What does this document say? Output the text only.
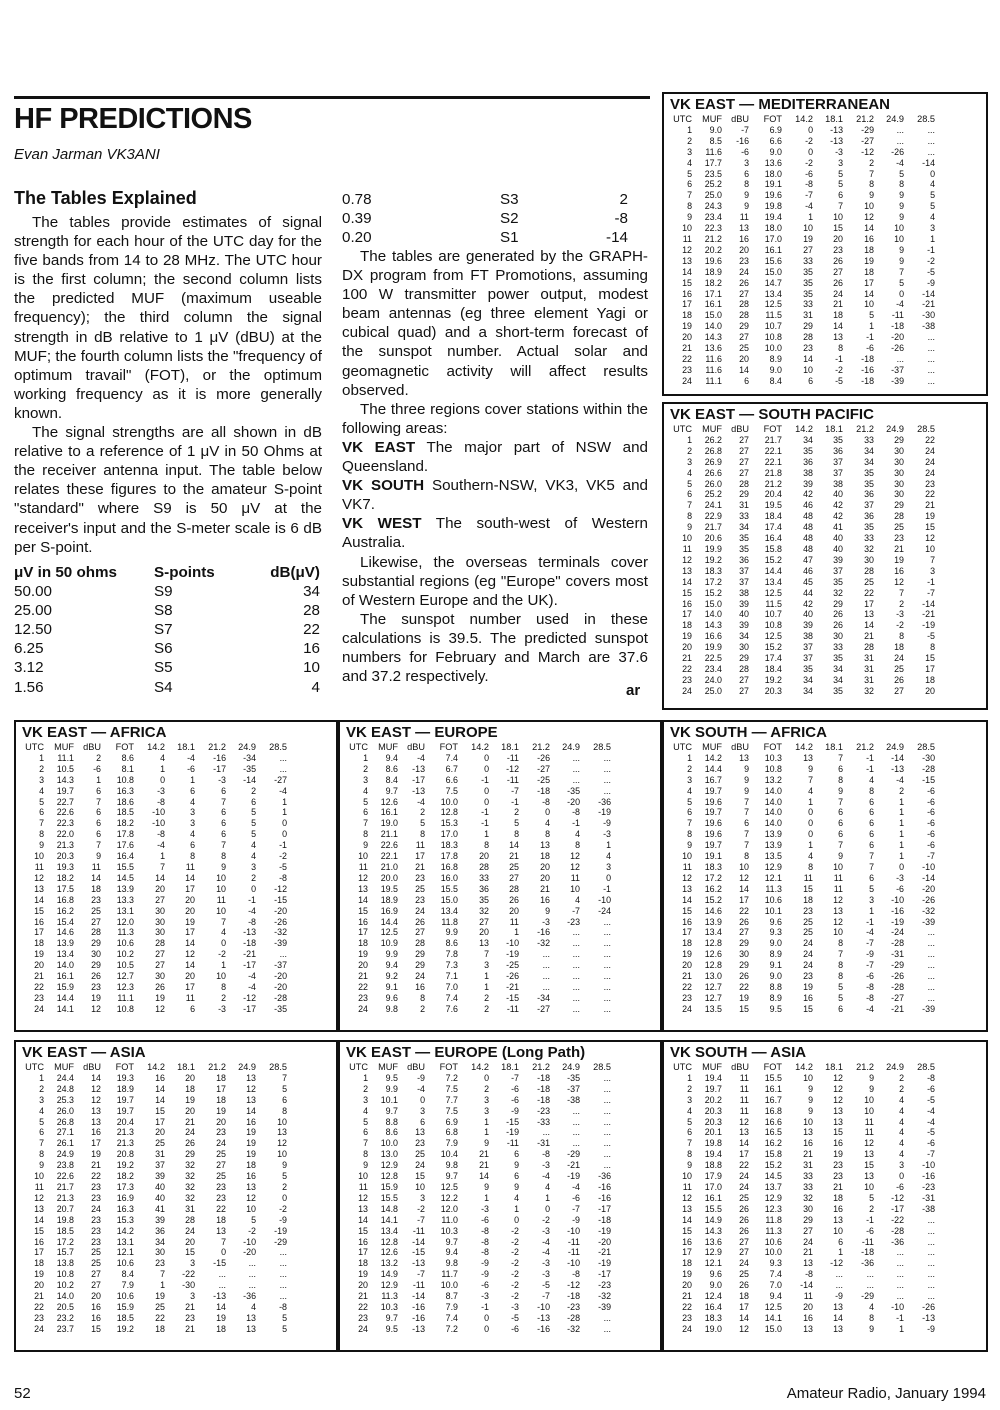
HF PREDICTIONS
Evan Jarman VK3ANI
The Tables Explained

The tables provide estimates of signal strength for each hour of the UTC day for the five bands from 14 to 28 MHz. The UTC hour is the first column; the second column lists the predicted MUF (maximum useable frequency); the third column the signal strength in dB relative to 1 μV (dBU) at the MUF; the fourth column lists the "frequency of optimum travail" (FOT), or the optimum working frequency as it is more generally known.

The signal strengths are all shown in dB relative to a reference of 1 μV in 50 Ohms at the receiver antenna input. The table below relates these figures to the amateur S-point "standard" where S9 is 50 μV at the receiver's input and the S-meter scale is 6 dB per S-point.

μV in 50 ohms	S-points	dB(μV)
50.00	S9	34
25.00	S8	28
12.50	S7	22
6.25	S6	16
3.12	S5	10
1.56	S4	4
0.78	S3	2
0.39	S2	-8
0.20	S1	-14

The tables are generated by the GRAPH-DX program from FT Promotions, assuming 100 W transmitter power output, modest beam antennas (eg three element Yagi or cubical quad) and a short-term forecast of the sunspot number. Actual solar and geomagnetic activity will affect results observed.

The three regions cover stations within the following areas:

VK EAST The major part of NSW and Queensland.

VK SOUTH Southern-NSW, VK3, VK5 and VK7.

VK WEST The south-west of Western Australia.

Likewise, the overseas terminals cover substantial regions (eg "Europe" covers most of Western Europe and the UK).

The sunspot number used in these calculations is 39.5. The predicted sunspot numbers for February and March are 37.6 and 37.2 respectively.

ar
VK EAST — MEDITERRANEAN
UTC	MUF	dBU	FOT	14.2	18.1	21.2	24.9	28.5
1	9.0	-7	6.9	0	-13	-29	...	...
2	8.5	-16	6.6	-2	-13	-27	...	...
3	11.6	-6	9.0	0	-3	-12	-26	...
4	17.7	3	13.6	-2	3	2	-4	-14
5	23.5	6	18.0	-6	5	7	5	0
6	25.2	8	19.1	-8	5	8	8	4
7	25.0	9	19.6	-7	6	9	9	5
8	24.3	9	19.8	-4	7	10	9	5
9	23.4	11	19.4	1	10	12	9	4
10	22.3	13	18.0	10	15	14	10	3
11	21.2	16	17.0	19	20	16	10	1
12	20.2	20	16.1	27	23	18	9	-1
13	19.6	23	15.6	33	26	19	9	-2
14	18.9	24	15.0	35	27	18	7	-5
15	18.2	26	14.7	35	26	17	5	-9
16	17.1	27	13.4	35	24	14	0	-14
17	16.1	28	12.5	33	21	10	-4	-21
18	15.0	28	11.5	31	18	5	-11	-30
19	14.0	29	10.7	29	14	1	-18	-38
20	14.3	27	10.8	28	13	-1	-20	...
21	13.6	25	10.0	23	8	-6	-26	...
22	11.6	20	8.9	14	-1	-18	...	...
23	11.6	14	9.0	10	-2	-16	-37	...
24	11.1	6	8.4	6	-5	-18	-39	...
VK EAST — SOUTH PACIFIC
UTC	MUF	dBU	FOT	14.2	18.1	21.2	24.9	28.5
1	26.2	27	21.7	34	35	33	29	22
2	26.8	27	22.1	35	36	34	30	24
3	26.9	27	22.1	36	37	34	30	24
4	26.6	27	21.8	38	37	35	30	24
5	26.0	28	21.2	39	38	35	30	23
6	25.2	29	20.4	42	40	36	30	22
7	24.1	31	19.5	46	42	37	29	21
8	22.9	33	18.4	48	42	36	28	19
9	21.7	34	17.4	48	41	35	25	15
10	20.6	35	16.4	48	40	33	23	12
11	19.9	35	15.8	48	40	32	21	10
12	19.2	36	15.2	47	39	30	19	7
13	18.3	37	14.4	46	37	28	16	3
14	17.2	37	13.4	45	35	25	12	-1
15	15.2	38	12.5	44	32	22	7	-7
16	15.0	39	11.5	42	29	17	2	-14
17	14.0	40	10.7	40	26	13	-3	-21
18	14.3	39	10.8	39	26	14	-2	-19
19	16.6	34	12.5	38	30	21	8	-5
20	19.9	30	15.2	37	33	28	18	8
21	22.5	29	17.4	37	35	31	24	15
22	23.4	28	18.4	35	34	31	25	17
23	24.0	27	19.2	34	34	31	26	18
24	25.0	27	20.3	34	35	32	27	20
VK EAST — AFRICA
UTC	MUF	dBU	FOT	14.2	18.1	21.2	24.9	28.5
1	11.1	2	8.6	4	-4	-16	-34	...
2	10.5	-6	8.1	1	-6	-17	-35	...
3	14.3	1	10.8	0	1	-3	-14	-27
4	19.7	6	16.3	-3	6	6	2	-4
5	22.7	7	18.6	-8	4	7	6	1
6	22.6	6	18.5	-10	3	6	5	1
7	22.3	6	18.2	-10	3	6	5	0
8	22.0	6	17.8	-8	4	6	5	0
9	21.3	7	17.6	-4	6	7	4	-1
10	20.3	9	16.4	1	8	8	4	-2
11	19.3	11	15.5	7	11	9	3	-5
12	18.2	14	14.5	14	14	10	2	-8
13	17.5	18	13.9	20	17	10	0	-12
14	16.8	23	13.3	27	20	11	-1	-15
15	16.2	25	13.1	30	20	10	-4	-20
16	15.4	27	12.0	30	19	7	-8	-26
17	14.6	28	11.3	30	17	4	-13	-32
18	13.9	29	10.6	28	14	0	-18	-39
19	13.4	30	10.2	27	12	-2	-21	...
20	14.0	29	10.5	27	14	1	-17	-37
21	16.1	26	12.7	30	20	10	-4	-20
22	15.9	23	12.3	26	17	8	-4	-20
23	14.4	19	11.1	19	11	2	-12	-28
24	14.1	12	10.8	12	6	-3	-17	-35
VK EAST — EUROPE
UTC	MUF	dBU	FOT	14.2	18.1	21.2	24.9	28.5
1	9.4	-4	7.4	0	-11	-26	...	...
2	8.6	-13	6.7	0	-12	-27	...	...
3	8.4	-17	6.6	-1	-11	-25	...	...
4	9.7	-13	7.5	0	-7	-18	-35	...
5	12.6	-4	10.0	0	-1	-8	-20	-36
6	16.1	2	12.8	-1	2	0	-8	-19
7	19.0	5	15.3	-1	5	4	-1	-9
8	21.1	8	17.0	1	8	8	4	-3
9	22.6	11	18.3	8	14	13	8	1
10	22.1	17	17.8	20	21	18	12	4
11	21.0	21	16.8	28	25	20	12	3
12	20.0	23	16.0	33	27	20	11	0
13	19.5	25	15.5	36	28	21	10	-1
14	18.9	23	15.0	35	26	16	4	-10
15	16.9	24	13.4	32	20	9	-7	-24
16	14.4	26	11.8	27	11	-3	-23	...
17	12.5	27	9.9	20	1	-16	...	...
18	10.9	28	8.6	13	-10	-32	...	...
19	9.9	29	7.8	7	-19	...	...	...
20	9.4	29	7.3	3	-25	...	...	...
21	9.2	24	7.1	1	-26	...	...	...
22	9.1	16	7.0	1	-21	...	...	...
23	9.6	8	7.4	2	-15	-34	...	...
24	9.8	2	7.6	2	-11	-27	...	...
VK SOUTH — AFRICA
UTC	MUF	dBU	FOT	14.2	18.1	21.2	24.9	28.5
1	14.2	13	10.3	13	7	-1	-14	-30
2	14.4	9	10.8	9	6	-1	-13	-28
3	16.7	9	13.2	7	8	4	-4	-15
4	19.7	9	14.0	4	9	8	2	-6
5	19.6	7	14.0	1	7	6	1	-6
6	19.7	7	14.0	0	6	6	1	-6
7	19.6	6	14.0	0	6	6	1	-6
8	19.6	7	13.9	0	6	6	1	-6
9	19.7	7	13.9	1	7	6	1	-6
10	19.1	8	13.5	4	9	7	1	-7
11	18.3	10	12.9	8	10	7	0	-10
12	17.2	12	12.1	11	11	6	-3	-14
13	16.2	14	11.3	15	11	5	-6	-20
14	15.2	17	10.6	18	12	3	-10	-26
15	14.6	22	10.1	23	13	1	-16	-32
16	13.9	26	9.6	25	12	-1	-19	-39
17	13.4	27	9.3	25	10	-4	-24	...
18	12.8	29	9.0	24	8	-7	-28	...
19	12.6	30	8.9	24	7	-9	-31	...
20	12.8	29	9.1	24	8	-7	-29	...
21	13.0	26	9.0	23	8	-6	-26	...
22	12.7	22	8.8	19	5	-8	-28	...
23	12.7	19	8.9	16	5	-8	-27	...
24	13.5	15	9.5	15	6	-4	-21	-39
VK EAST — ASIA
UTC	MUF	dBU	FOT	14.2	18.1	21.2	24.9	28.5
1	24.4	14	19.3	16	20	18	13	7
2	24.8	12	18.9	14	18	17	12	5
3	25.3	12	19.7	14	19	18	13	6
4	26.0	13	19.7	15	20	19	14	8
5	26.8	13	20.4	17	21	20	16	10
6	27.1	16	21.3	20	24	23	19	13
7	26.1	17	21.3	25	26	24	19	12
8	24.9	19	20.8	31	29	25	19	10
9	23.8	21	19.2	37	32	27	18	9
10	22.6	22	18.2	39	32	25	16	5
11	21.7	23	17.3	40	32	23	13	2
12	21.3	23	16.9	40	32	23	12	0
13	20.7	24	16.3	41	31	22	10	-2
14	19.8	23	15.3	39	28	18	5	-9
15	18.5	23	14.2	36	24	13	-2	-19
16	17.2	23	13.1	34	20	7	-10	-29
17	15.7	25	12.1	30	15	0	-20	...
18	13.8	25	10.6	23	3	-15	...	...
19	10.8	27	8.4	7	-22	...	...	...
20	10.2	27	7.9	1	-30	...	...	...
21	14.0	20	10.6	19	3	-13	-36	...
22	20.5	16	15.9	25	21	14	4	-8
23	23.2	16	18.5	22	23	19	13	5
24	23.7	15	19.2	18	21	18	13	5
VK EAST — EUROPE (Long Path)
UTC	MUF	dBU	FOT	14.2	18.1	21.2	24.9	28.5
1	9.5	-9	7.2	0	-7	-18	-35	...
2	9.9	-4	7.5	2	-6	-18	-37	...
3	10.1	0	7.7	3	-6	-18	-38	...
4	9.7	3	7.5	3	-9	-23	...	...
5	8.8	6	6.9	1	-15	-33	...	...
6	8.6	13	6.8	1	-19	...	...	...
7	10.0	23	7.9	9	-11	-31	...	...
8	13.0	25	10.4	21	6	-8	-29	...
9	12.9	24	9.8	21	9	-3	-21	...
10	12.8	15	9.7	14	6	-4	-19	-36
11	15.9	10	12.5	9	9	4	-4	-16
12	15.5	3	12.2	1	4	1	-6	-16
13	14.8	-2	12.0	-3	1	0	-7	-17
14	14.1	-7	11.0	-6	0	-2	-9	-18
15	13.4	-11	10.3	-8	-2	-3	-10	-19
16	12.8	-14	9.7	-8	-2	-4	-11	-20
17	12.6	-15	9.4	-8	-2	-4	-11	-21
18	13.2	-13	9.8	-9	-2	-3	-10	-19
19	14.9	-7	11.7	-9	-2	-3	-8	-17
20	12.9	-11	10.0	-6	-2	-5	-12	-23
21	11.3	-14	8.7	-3	-2	-7	-18	-32
22	10.3	-16	7.9	-1	-3	-10	-23	-39
23	9.7	-16	7.4	0	-5	-13	-28	...
24	9.5	-13	7.2	0	-6	-16	-32	...
VK SOUTH — ASIA
UTC	MUF	dBU	FOT	14.2	18.1	21.2	24.9	28.5
1	19.4	11	15.5	10	12	9	2	-8
2	19.7	11	16.1	9	12	9	2	-6
3	20.2	11	16.7	9	12	10	4	-5
4	20.3	11	16.8	9	13	10	4	-4
5	20.3	12	16.6	10	13	11	4	-4
6	20.1	13	16.5	13	15	11	4	-5
7	19.8	14	16.2	16	16	12	4	-6
8	19.4	17	15.8	21	19	13	4	-7
9	18.8	22	15.2	31	23	15	3	-10
10	17.9	24	14.5	33	23	13	0	-16
11	17.0	24	13.7	33	21	10	-6	-23
12	16.1	25	12.9	32	18	5	-12	-31
13	15.5	26	12.3	30	16	2	-17	-38
14	14.9	26	11.8	29	13	-1	-22	...
15	14.3	26	11.3	27	10	-6	-28	...
16	13.6	27	10.6	24	6	-11	-36	...
17	12.9	27	10.0	21	1	-18	...	...
18	12.1	24	9.3	13	-12	-36	...	...
19	9.6	25	7.4	-8	...	...	...	...
20	9.0	26	7.0	-14	...	...	...	...
21	12.4	18	9.4	11	-9	-29	...	...
22	16.4	17	12.5	20	13	4	-10	-26
23	18.3	14	14.1	16	14	8	-1	-13
24	19.0	12	15.0	13	13	9	1	-9
52	Amateur Radio, January 1994
